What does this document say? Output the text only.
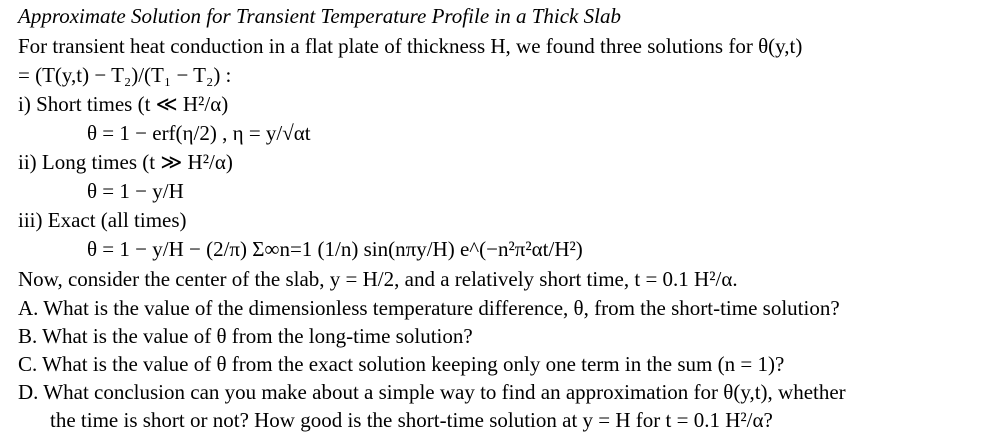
Approximate Solution for Transient Temperature Profile in a Thick Slab
For transient heat conduction in a flat plate of thickness H, we found three solutions for θ(y,t)
= (T(y,t) − T₂)/(T₁ − T₂) :
i) Short times (t ≪ H²/α)
θ = 1 − erf(η/2) , η = y/√αt
ii) Long times (t ≫ H²/α)
θ = 1 − y/H
iii) Exact (all times)
θ = 1 − y/H − (2/π) Σ∞n=1 (1/n) sin(nπy/H) e^(−n²π²αt/H²)
Now, consider the center of the slab, y = H/2, and a relatively short time, t = 0.1 H²/α.
A. What is the value of the dimensionless temperature difference, θ, from the short-time solution?
B. What is the value of θ from the long-time solution?
C. What is the value of θ from the exact solution keeping only one term in the sum (n = 1)?
D. What conclusion can you make about a simple way to find an approximation for θ(y,t), whether
the time is short or not? How good is the short-time solution at y = H for t = 0.1 H²/α?
